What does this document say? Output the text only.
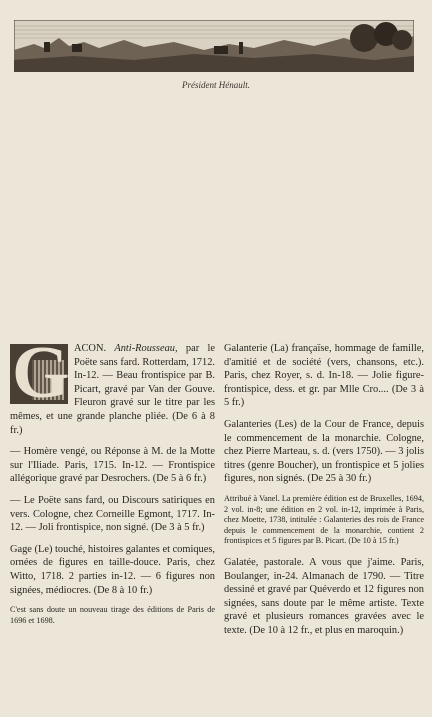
Président Hénault.
G ACON. Anti-Rousseau, par le Poëte sans fard. Rotterdam, 1712. In-12. — Beau frontispice par B. Picart, gravé par Van der Gouve. Fleuron gravé sur le titre par les mêmes, et une grande planche pliée. (De 6 à 8 fr.)
— Homère vengé, ou Réponse à M. de la Motte sur l'Iliade. Paris, 1715. In-12. — Frontispice allégorique gravé par Desrochers. (De 5 à 6 fr.)
— Le Poëte sans fard, ou Discours satiriques en vers. Cologne, chez Corneille Egmont, 1717. In-12. — Joli frontispice, non signé. (De 3 à 5 fr.)
Gage (Le) touché, histoires galantes et comiques, ornées de figures en taille-douce. Paris, chez Witto, 1718. 2 parties in-12. — 6 figures non signées, médiocres. (De 8 à 10 fr.)
C'est sans doute un nouveau tirage des éditions de Paris de 1696 et 1698.
Galanterie (La) françaïse, hommage de famille, d'amitié et de société (vers, chansons, etc.). Paris, chez Royer, s. d. In-18. — Jolie figure-frontispice, dess. et gr. par Mlle Cro.... (De 3 à 5 fr.)
Galanteries (Les) de la Cour de France, depuis le commencement de la monarchie. Cologne, chez Pierre Marteau, s. d. (vers 1750). — 3 jolis titres (genre Boucher), un frontispice et 5 jolies figures, non signés. (De 25 à 30 fr.)
Attribué à Vanel. La première édition est de Bruxelles, 1694, 2 vol. in-8; une édition en 2 vol. in-12, imprimée à Paris, chez Moette, 1738, intitulée : Galanteries des rois de France depuis le commencement de la monarchie, contient 2 frontispices et 5 figures par B. Picart. (De 10 à 15 fr.)
Galatée, pastorale. A vous que j'aime. Paris, Boulanger, in-24. Almanach de 1790. — Titre dessiné et gravé par Quéverdo et 12 figures non signées, sans doute par le même artiste. Texte gravé et plusieurs romances gravées avec le texte. (De 10 à 12 fr., et plus en maroquin.)
